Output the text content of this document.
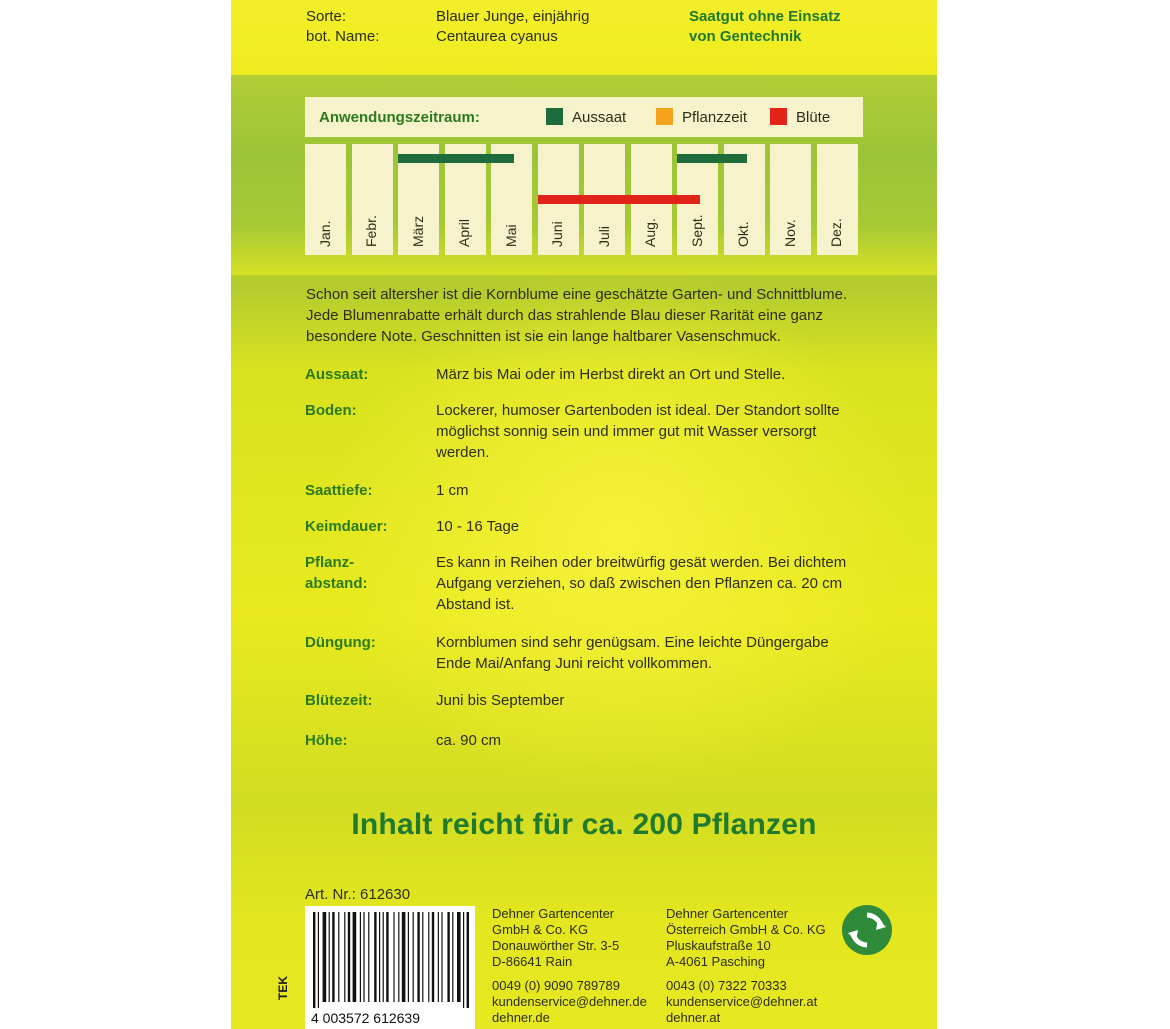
Sorte:	Blauer Junge, einjährig
bot. Name:	Centaurea cyanus
Saatgut ohne Einsatz
von Gentechnik
Anwendungszeitraum:	Aussaat	Pflanzzeit	Blüte
Jan. Febr. März April Mai Juni Juli Aug. Sept. Okt. Nov. Dez.
Schon seit altersher ist die Kornblume eine geschätzte Garten- und Schnittblume. Jede Blumenrabatte erhält durch das strahlende Blau dieser Rarität eine ganz besondere Note. Geschnitten ist sie ein lange haltbarer Vasenschmuck.
Aussaat:	März bis Mai oder im Herbst direkt an Ort und Stelle.
Boden:	Lockerer, humoser Gartenboden ist ideal. Der Standort sollte möglichst sonnig sein und immer gut mit Wasser versorgt werden.
Saattiefe:	1 cm
Keimdauer:	10 - 16 Tage
Pflanz-
abstand:
Es kann in Reihen oder breitwürfig gesät werden. Bei dichtem Aufgang verziehen, so daß zwischen den Pflanzen ca. 20 cm Abstand ist.
Düngung:	Kornblumen sind sehr genügsam. Eine leichte Düngergabe Ende Mai/Anfang Juni reicht vollkommen.
Blütezeit:	Juni bis September
Höhe:	ca. 90 cm
Inhalt reicht für ca. 200 Pflanzen
Art. Nr.: 612630
TEK
4 003572 612639
Dehner Gartencenter
GmbH & Co. KG
Donauwörther Str. 3-5
D-86641 Rain
0049 (0) 9090 789789
kundenservice@dehner.de
dehner.de
Dehner Gartencenter
Österreich GmbH & Co. KG
Pluskaufstraße 10
A-4061 Pasching
0043 (0) 7322 70333
kundenservice@dehner.at
dehner.at
